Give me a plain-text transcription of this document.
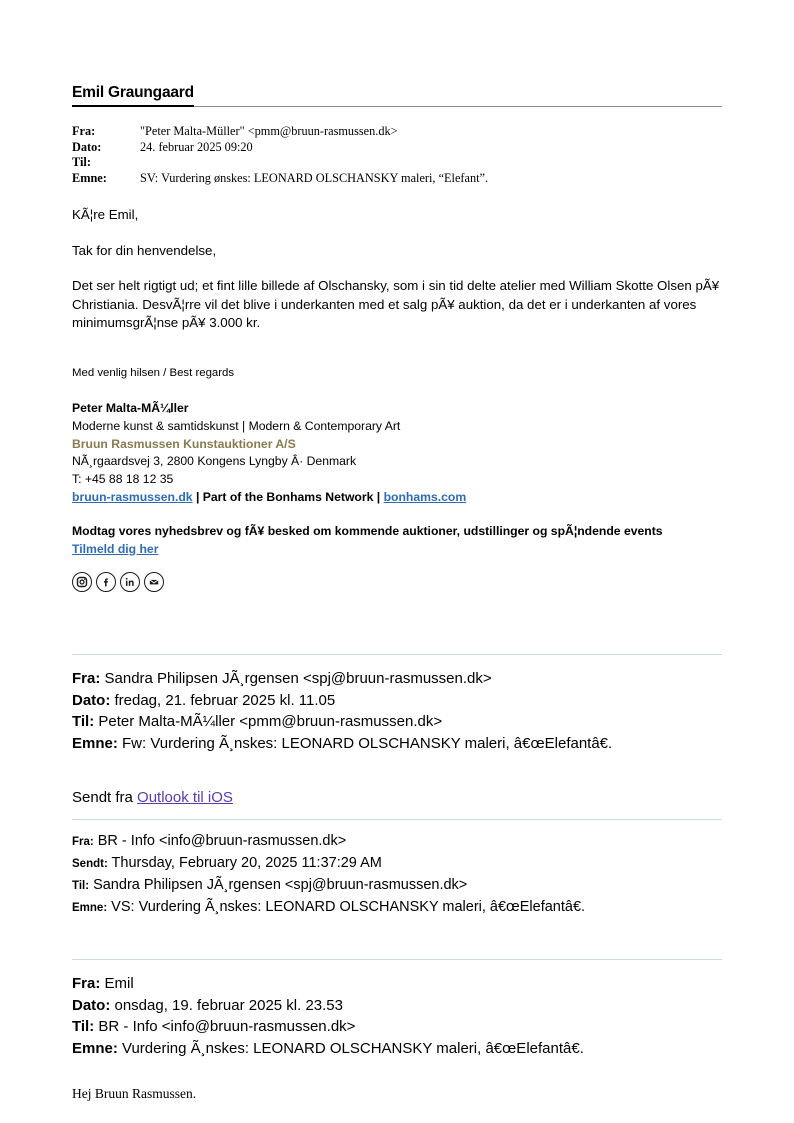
Emil Graungaard
Fra:	"Peter Malta-Müller" <pmm@bruun-rasmussen.dk>
Dato:	24. februar 2025 09:20
Til:	
Emne:	SV: Vurdering ønskes: LEONARD OLSCHANSKY maleri, “Elefant”.

KÃ¦re Emil,

Tak for din henvendelse,

Det ser helt rigtigt ud; et fint lille billede af Olschansky, som i sin tid delte atelier med William Skotte Olsen pÃ¥ Christiania. DesvÃ¦rre vil det blive i underkanten med et salg pÃ¥ auktion, da det er i underkanten af vores minimumsgrÃ¦nse pÃ¥ 3.000 kr.

Med venlig hilsen / Best regards
Peter Malta-MÃ¼ller
Moderne kunst & samtidskunst | Modern & Contemporary Art
Bruun Rasmussen Kunstauktioner A/S
NÃ¸rgaardsvej 3, 2800 Kongens Lyngby Â· Denmark
T: +45 88 18 12 35
bruun-rasmussen.dk | Part of the Bonhams Network | bonhams.com
Modtag vores nyhedsbrev og fÃ¥ besked om kommende auktioner, udstillinger og spÃ¦ndende events Tilmeld dig her
Fra: Sandra Philipsen JÃ¸rgensen <spj@bruun-rasmussen.dk>
Dato: fredag, 21. februar 2025 kl. 11.05
Til: Peter Malta-MÃ¼ller <pmm@bruun-rasmussen.dk>
Emne: Fw: Vurdering Ã¸nskes: LEONARD OLSCHANSKY maleri, â€œElefantâ€.
Sendt fra Outlook til iOS
Fra: BR - Info <info@bruun-rasmussen.dk>
Sendt: Thursday, February 20, 2025 11:37:29 AM
Til: Sandra Philipsen JÃ¸rgensen <spj@bruun-rasmussen.dk>
Emne: VS: Vurdering Ã¸nskes: LEONARD OLSCHANSKY maleri, â€œElefantâ€.
Fra: Emil
Dato: onsdag, 19. februar 2025 kl. 23.53
Til: BR - Info <info@bruun-rasmussen.dk>
Emne: Vurdering Ã¸nskes: LEONARD OLSCHANSKY maleri, â€œElefantâ€.
Hej Bruun Rasmussen.
